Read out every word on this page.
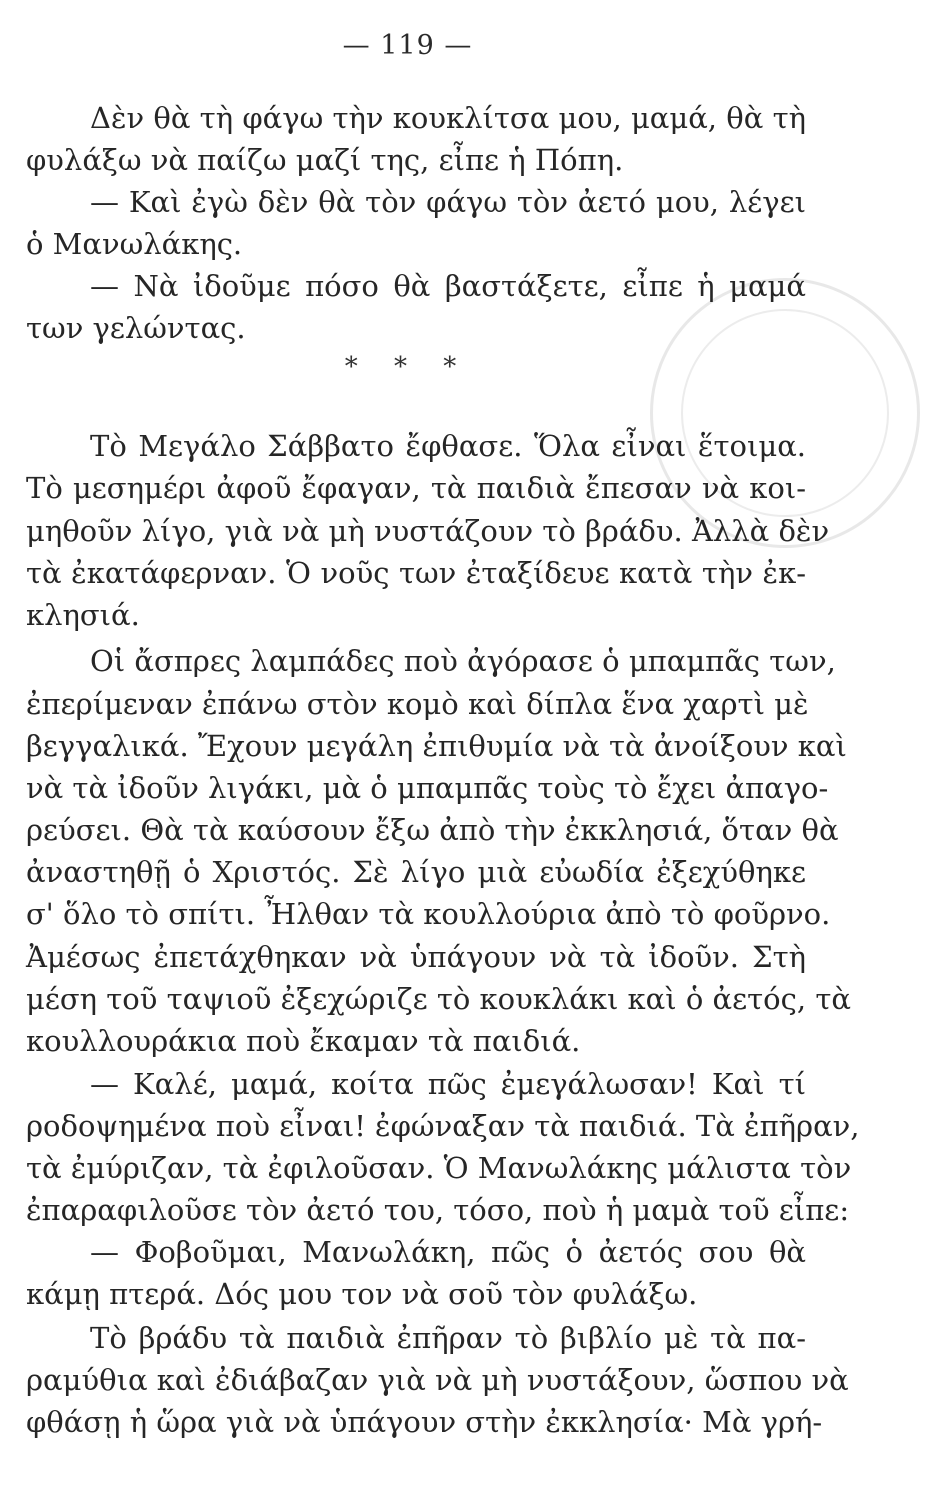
— 119 —
Δὲν θὰ τὴ φάγω τὴν κουκλίτσα μου, μαμά, θὰ τὴ
φυλάξω νὰ παίζω μαζί της, εἶπε ἡ Πόπη.
— Καὶ ἐγὼ δὲν θὰ τὸν φάγω τὸν ἀετό μου, λέγει
ὁ Μανωλάκης.
— Νὰ ἰδοῦμε πόσο θὰ βαστάξετε, εἶπε ἡ μαμά
των γελώντας.
* * *
Τὸ Μεγάλο Σάββατο ἔφθασε. Ὅλα εἶναι ἕτοιμα.
Τὸ μεσημέρι ἀφοῦ ἔφαγαν, τὰ παιδιὰ ἔπεσαν νὰ κοι-
μηθοῦν λίγο, γιὰ νὰ μὴ νυστάζουν τὸ βράδυ. Ἀλλὰ δὲν
τὰ ἐκατάφερναν. Ὁ νοῦς των ἐταξίδευε κατὰ τὴν ἐκ-
κλησιά.
Οἱ ἄσπρες λαμπάδες ποὺ ἀγόρασε ὁ μπαμπᾶς των,
ἐπερίμεναν ἐπάνω στὸν κομὸ καὶ δίπλα ἕνα χαρτὶ μὲ
βεγγαλικά. Ἔχουν μεγάλη ἐπιθυμία νὰ τὰ ἀνοίξουν καὶ
νὰ τὰ ἰδοῦν λιγάκι, μὰ ὁ μπαμπᾶς τοὺς τὸ ἔχει ἀπαγο-
ρεύσει. Θὰ τὰ καύσουν ἔξω ἀπὸ τὴν ἐκκλησιά, ὅταν θὰ
ἀναστηθῇ ὁ Χριστός. Σὲ λίγο μιὰ εὐωδία ἐξεχύθηκε
σ' ὅλο τὸ σπίτι. Ἦλθαν τὰ κουλλούρια ἀπὸ τὸ φοῦρνο.
Ἀμέσως ἐπετάχθηκαν νὰ ὑπάγουν νὰ τὰ ἰδοῦν. Στὴ
μέση τοῦ ταψιοῦ ἐξεχώριζε τὸ κουκλάκι καὶ ὁ ἀετός, τὰ
κουλλουράκια ποὺ ἔκαμαν τὰ παιδιά.
— Καλέ, μαμά, κοίτα πῶς ἐμεγάλωσαν! Καὶ τί
ροδοψημένα ποὺ εἶναι! ἐφώναξαν τὰ παιδιά. Τὰ ἐπῆραν,
τὰ ἐμύριζαν, τὰ ἐφιλοῦσαν. Ὁ Μανωλάκης μάλιστα τὸν
ἐπαραφιλοῦσε τὸν ἀετό του, τόσο, ποὺ ἡ μαμὰ τοῦ εἶπε:
— Φοβοῦμαι, Μανωλάκη, πῶς ὁ ἀετός σου θὰ
κάμῃ πτερά. Δός μου τον νὰ σοῦ τὸν φυλάξω.
Τὸ βράδυ τὰ παιδιὰ ἐπῆραν τὸ βιβλίο μὲ τὰ πα-
ραμύθια καὶ ἐδιάβαζαν γιὰ νὰ μὴ νυστάξουν, ὥσπου νὰ
φθάσῃ ἡ ὥρα γιὰ νὰ ὑπάγουν στὴν ἐκκλησία· Μὰ γρή-
